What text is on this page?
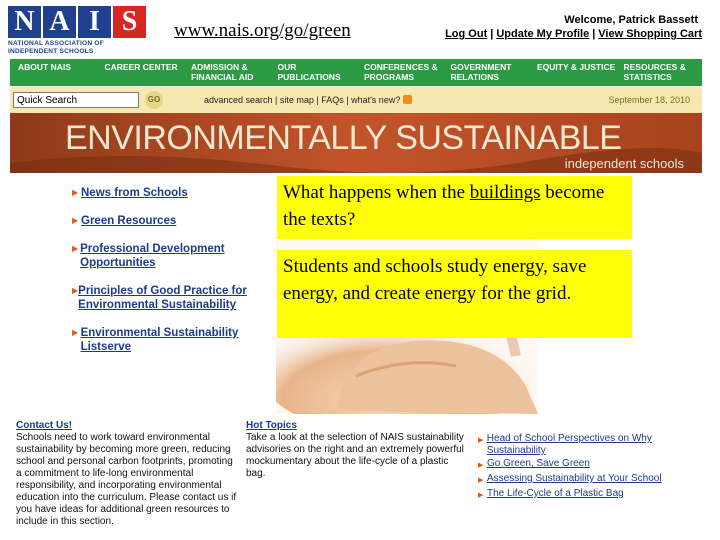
N A I S
NATIONAL ASSOCIATION OF INDEPENDENT SCHOOLS
www.nais.org/go/green	Welcome, Patrick Bassett
Log Out | Update My Profile | View Shopping Cart
ABOUT NAIS	CAREER CENTER	ADMISSION & FINANCIAL AID
OUR PUBLICATIONS
CONFERENCES & PROGRAMS
GOVERNMENT RELATIONS
EQUITY & JUSTICE RESOURCES & STATISTICS
Quick Search
GO	advanced search | site map | FAQs | what's new?	September 18, 2010
ENVIRONMENTALLY SUSTAINABLE
independent schools
▶ News from Schools
▶ Green Resources
▶ Professional Development Opportunities
▶ Principles of Good Practice for Environmental Sustainability
▶ Environmental Sustainability Listserve
What happens when the buildings become the texts?
Students and schools study energy, save energy, and create energy for the grid.
Contact Us!
Schools need to work toward environmental sustainability by becoming more green, reducing school and personal carbon footprints, promoting a commitment to life-long environmental responsibility, and incorporating environmental education into the curriculum. Please contact us if you have ideas for additional green resources to include in this section.
Hot Topics
Take a look at the selection of NAIS sustainability advisories on the right and an extremely powerful mockumentary about the life-cycle of a plastic bag.
▶ Head of School Perspectives on Why Sustainability
▶ Go Green, Save Green
▶ Assessing Sustainability at Your School
▶ The Life-Cycle of a Plastic Bag
